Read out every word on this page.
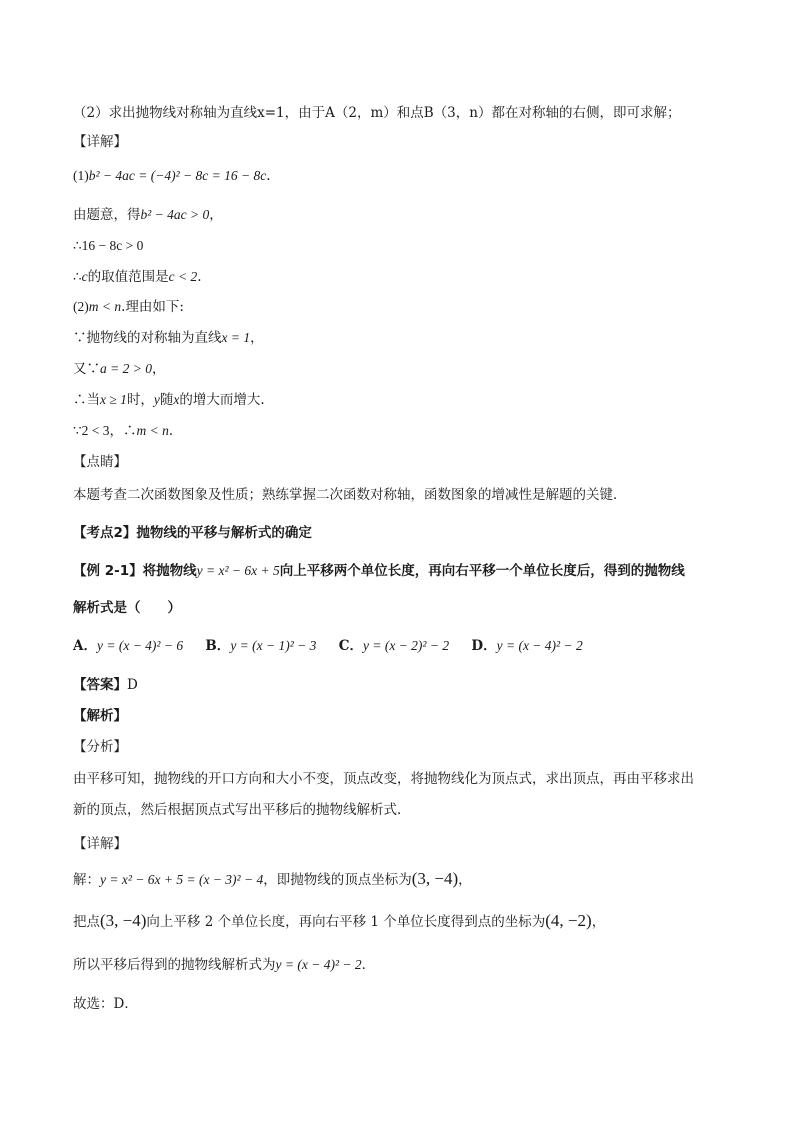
（2）求出抛物线对称轴为直线x=1，由于A（2，m）和点B（3，n）都在对称轴的右侧，即可求解；
【详解】
(1)b² − 4ac = (−4)² − 8c = 16 − 8c.
由题意，得b² − 4ac > 0，
∴16 − 8c > 0
∴c的取值范围是c < 2.
(2)m < n.理由如下:
∵抛物线的对称轴为直线x = 1，
又∵a = 2 > 0，
∴当x ≥ 1时，y随x的增大而增大.
∵2 < 3，∴m < n.
【点睛】
本题考查二次函数图象及性质；熟练掌握二次函数对称轴，函数图象的增减性是解题的关键．
【考点2】抛物线的平移与解析式的确定
【例 2-1】将抛物线y = x² − 6x + 5向上平移两个单位长度，再向右平移一个单位长度后，得到的抛物线
解析式是（　　）
A．y = (x − 4)² − 6 B．y = (x − 1)² − 3 C．y = (x − 2)² − 2 D．y = (x − 4)² − 2
【答案】D
【解析】
【分析】
由平移可知，抛物线的开口方向和大小不变，顶点改变，将抛物线化为顶点式，求出顶点，再由平移求出
新的顶点，然后根据顶点式写出平移后的抛物线解析式．
【详解】
解：y = x² − 6x + 5 = (x − 3)² − 4，即抛物线的顶点坐标为(3, −4)，
把点(3, −4)向上平移 2 个单位长度，再向右平移 1 个单位长度得到点的坐标为(4, −2)，
所以平移后得到的抛物线解析式为y = (x − 4)² − 2．
故选：D．
